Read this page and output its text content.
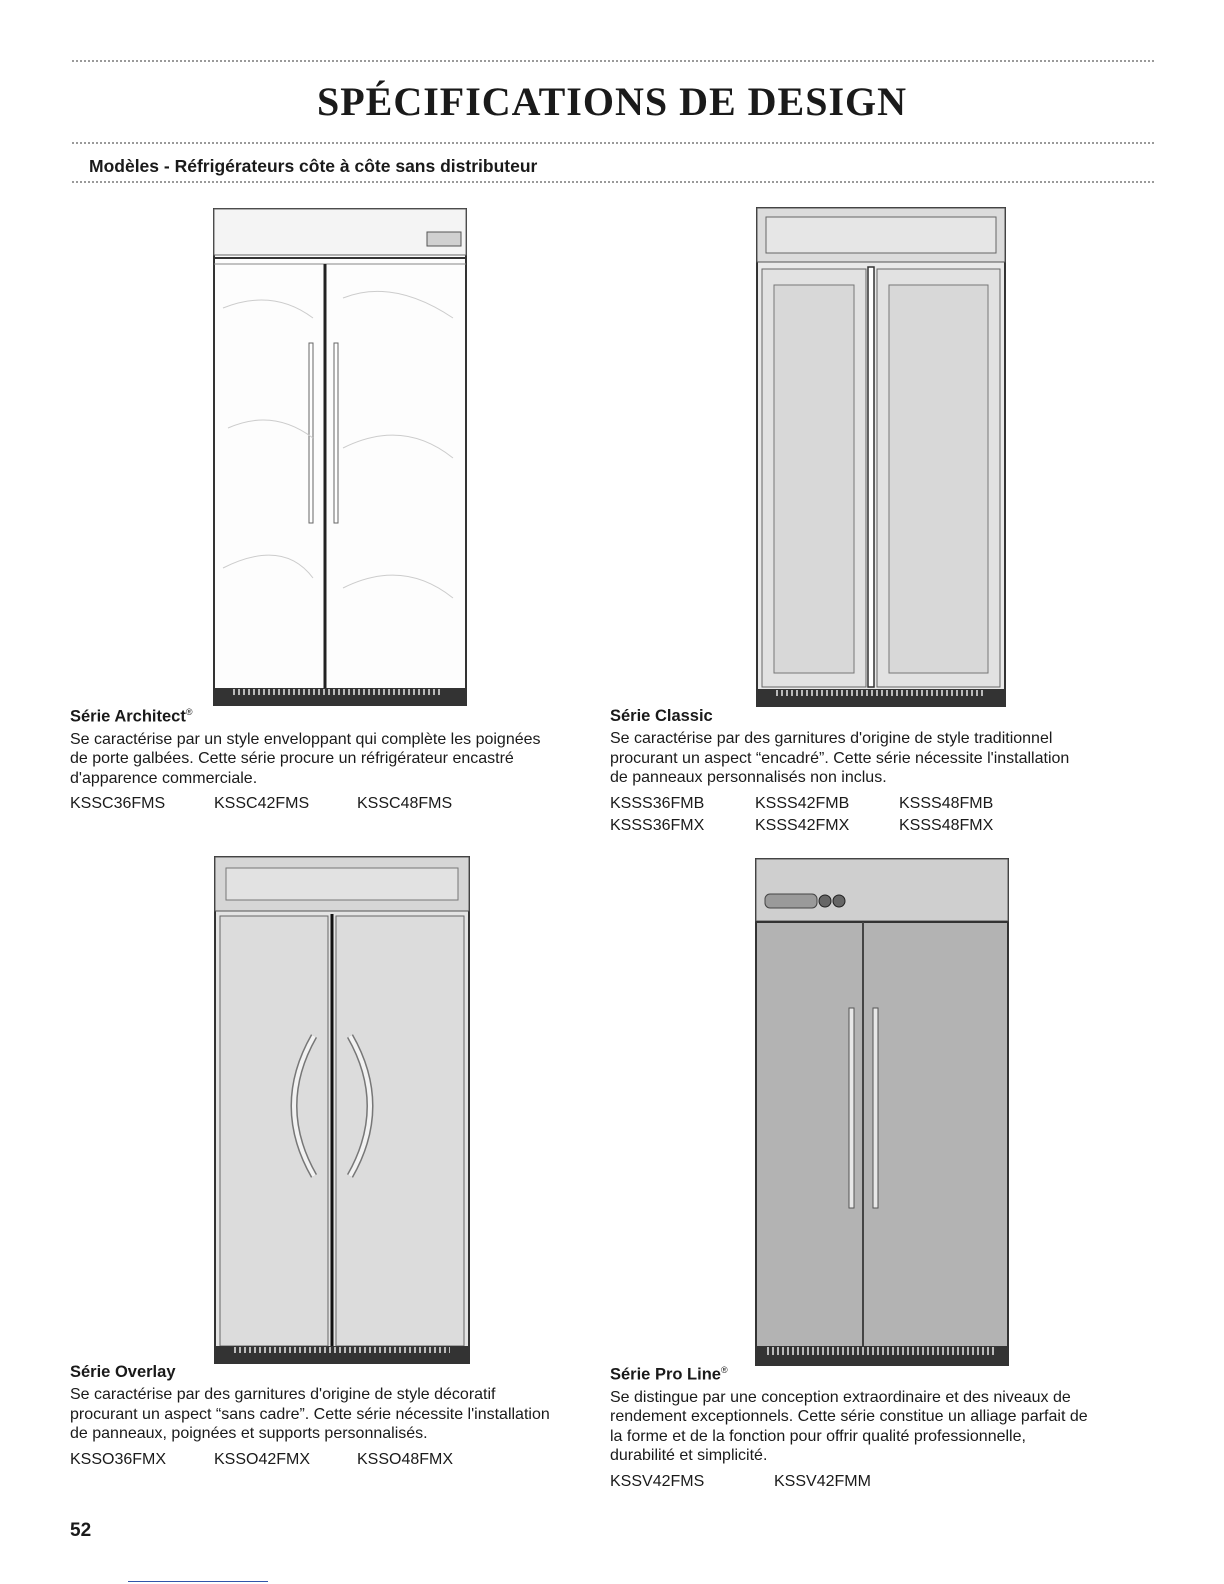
SPÉCIFICATIONS DE DESIGN
Modèles - Réfrigérateurs côte à côte sans distributeur

Série Architect®

Se caractérise par un style enveloppant qui complète les poignées de porte galbées. Cette série procure un réfrigérateur encastré d'apparence commerciale.

KSSC36FMS	KSSC42FMS	KSSC48FMS

Série Classic

Se caractérise par des garnitures d'origine de style traditionnel procurant un aspect “encadré”. Cette série nécessite l'installation de panneaux personnalisés non inclus.

KSSS36FMB	KSSS42FMB	KSSS48FMB
KSSS36FMX	KSSS42FMX	KSSS48FMX

Série Overlay

Se caractérise par des garnitures d'origine de style décoratif procurant un aspect “sans cadre”. Cette série nécessite l'installation de panneaux, poignées et supports personnalisés.

KSSO36FMX	KSSO42FMX	KSSO48FMX

Série Pro Line®

Se distingue par une conception extraordinaire et des niveaux de rendement exceptionnels. Cette série constitue un alliage parfait de la forme et de la fonction pour offrir qualité professionnelle, durabilité et simplicité.

KSSV42FMS	KSSV42FMM
52
